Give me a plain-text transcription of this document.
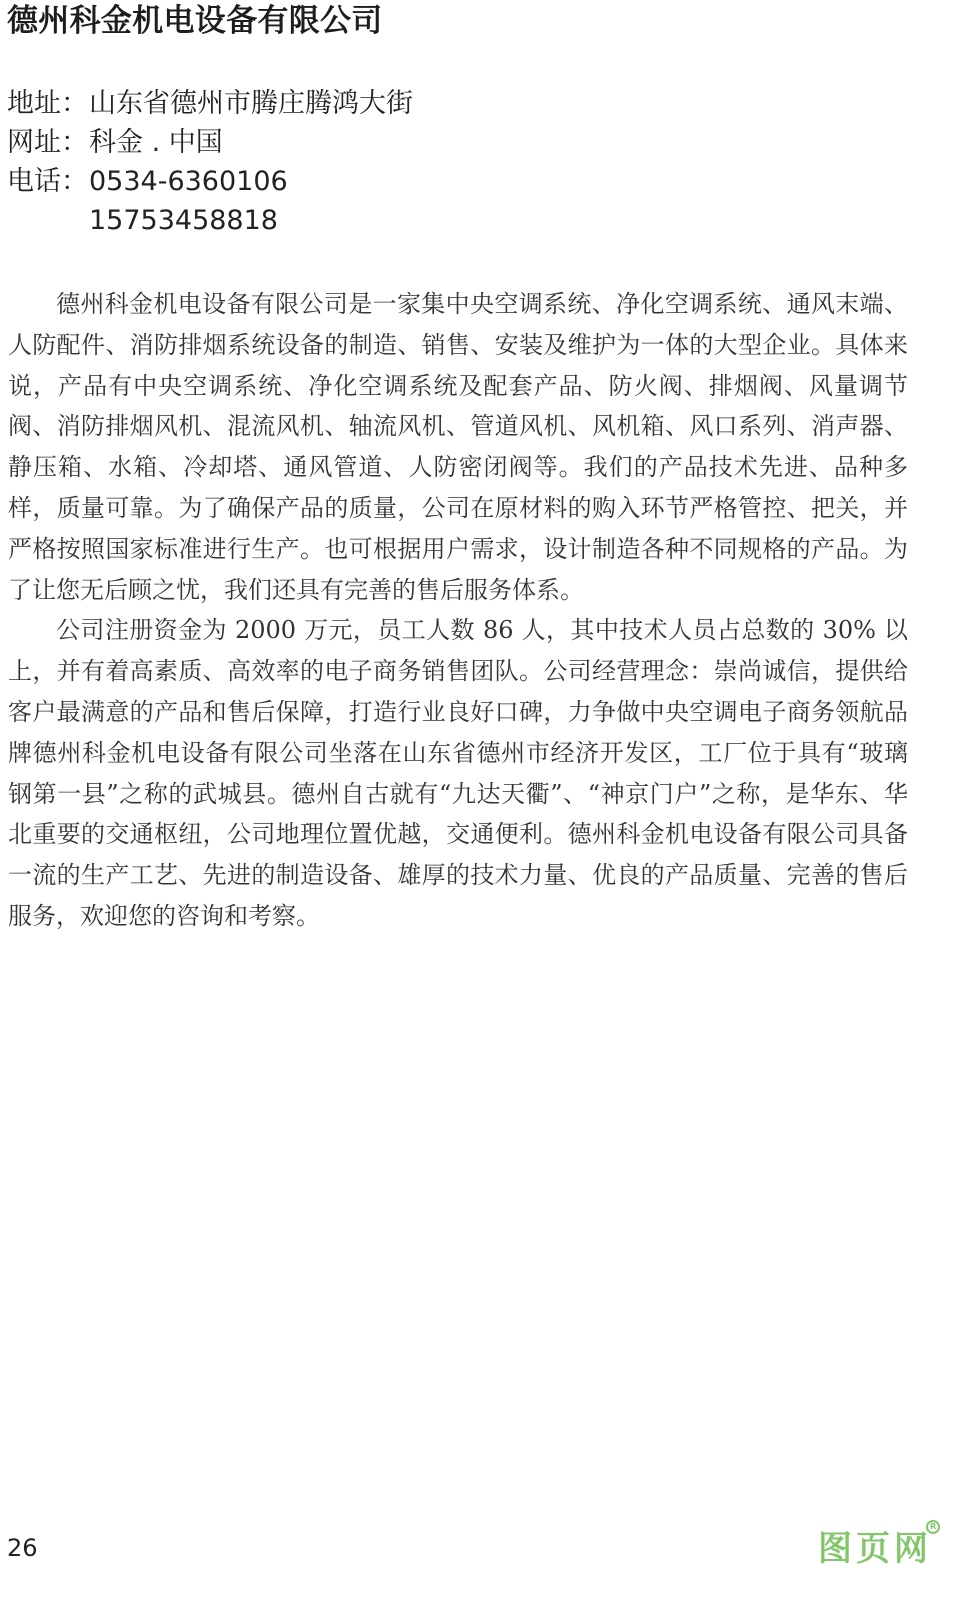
德州科金机电设备有限公司
地址：山东省德州市腾庄腾鸿大街
网址：科金 . 中国
电话：0534-6360106
15753458818

德州科金机电设备有限公司是一家集中央空调系统、净化空调系统、通风末端、人防配件、消防排烟系统设备的制造、销售、安装及维护为一体的大型企业。具体来说，产品有中央空调系统、净化空调系统及配套产品、防火阀、排烟阀、风量调节阀、消防排烟风机、混流风机、轴流风机、管道风机、风机箱、风口系列、消声器、静压箱、水箱、冷却塔、通风管道、人防密闭阀等。我们的产品技术先进、品种多样，质量可靠。为了确保产品的质量，公司在原材料的购入环节严格管控、把关，并严格按照国家标准进行生产。也可根据用户需求，设计制造各种不同规格的产品。为了让您无后顾之忧，我们还具有完善的售后服务体系。

公司注册资金为 2000 万元，员工人数 86 人，其中技术人员占总数的 30% 以上，并有着高素质、高效率的电子商务销售团队。公司经营理念：崇尚诚信，提供给客户最满意的产品和售后保障，打造行业良好口碑，力争做中央空调电子商务领航品牌德州科金机电设备有限公司坐落在山东省德州市经济开发区，工厂位于具有“玻璃钢第一县”之称的武城县。德州自古就有“九达天衢”、“神京门户”之称，是华东、华北重要的交通枢纽，公司地理位置优越，交通便利。德州科金机电设备有限公司具备一流的生产工艺、先进的制造设备、雄厚的技术力量、优良的产品质量、完善的售后服务，欢迎您的咨询和考察。

26	图页网
R
